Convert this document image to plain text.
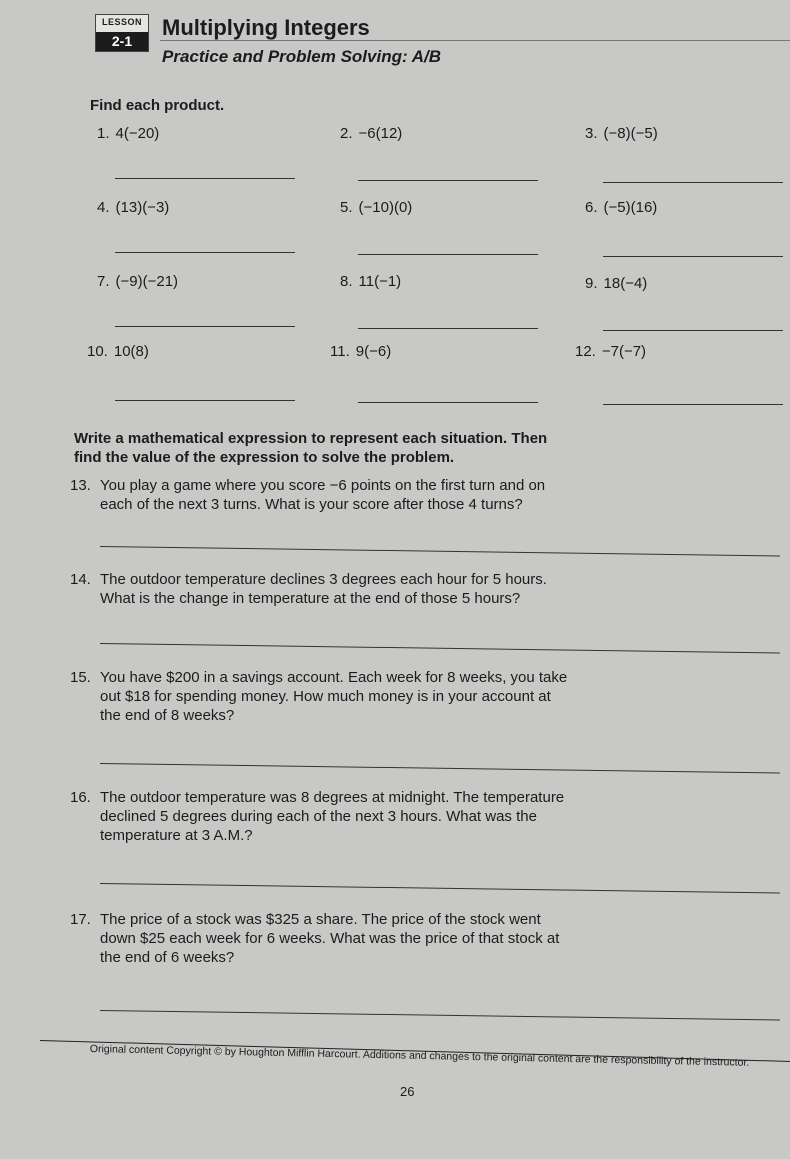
LESSON
2-1
Multiplying Integers
Practice and Problem Solving: A/B
Find each product.
1. 4(−20)	2. −6(12)	3. (−8)(−5)
4. (13)(−3)	5. (−10)(0)	6. (−5)(16)
7. (−9)(−21)	8. 11(−1)	9. 18(−4)
10. 10(8)	11. 9(−6)	12. −7(−7)
Write a mathematical expression to represent each situation. Then
find the value of the expression to solve the problem.
13. You play a game where you score −6 points on the first turn and on
each of the next 3 turns. What is your score after those 4 turns?
14. The outdoor temperature declines 3 degrees each hour for 5 hours.
What is the change in temperature at the end of those 5 hours?
15. You have $200 in a savings account. Each week for 8 weeks, you take
out $18 for spending money. How much money is in your account at
the end of 8 weeks?
16. The outdoor temperature was 8 degrees at midnight. The temperature
declined 5 degrees during each of the next 3 hours. What was the
temperature at 3 A.M.?
17. The price of a stock was $325 a share. The price of the stock went
down $25 each week for 6 weeks. What was the price of that stock at
the end of 6 weeks?
Original content Copyright © by Houghton Mifflin Harcourt. Additions and changes to the original content are the responsibility of the instructor.
26
